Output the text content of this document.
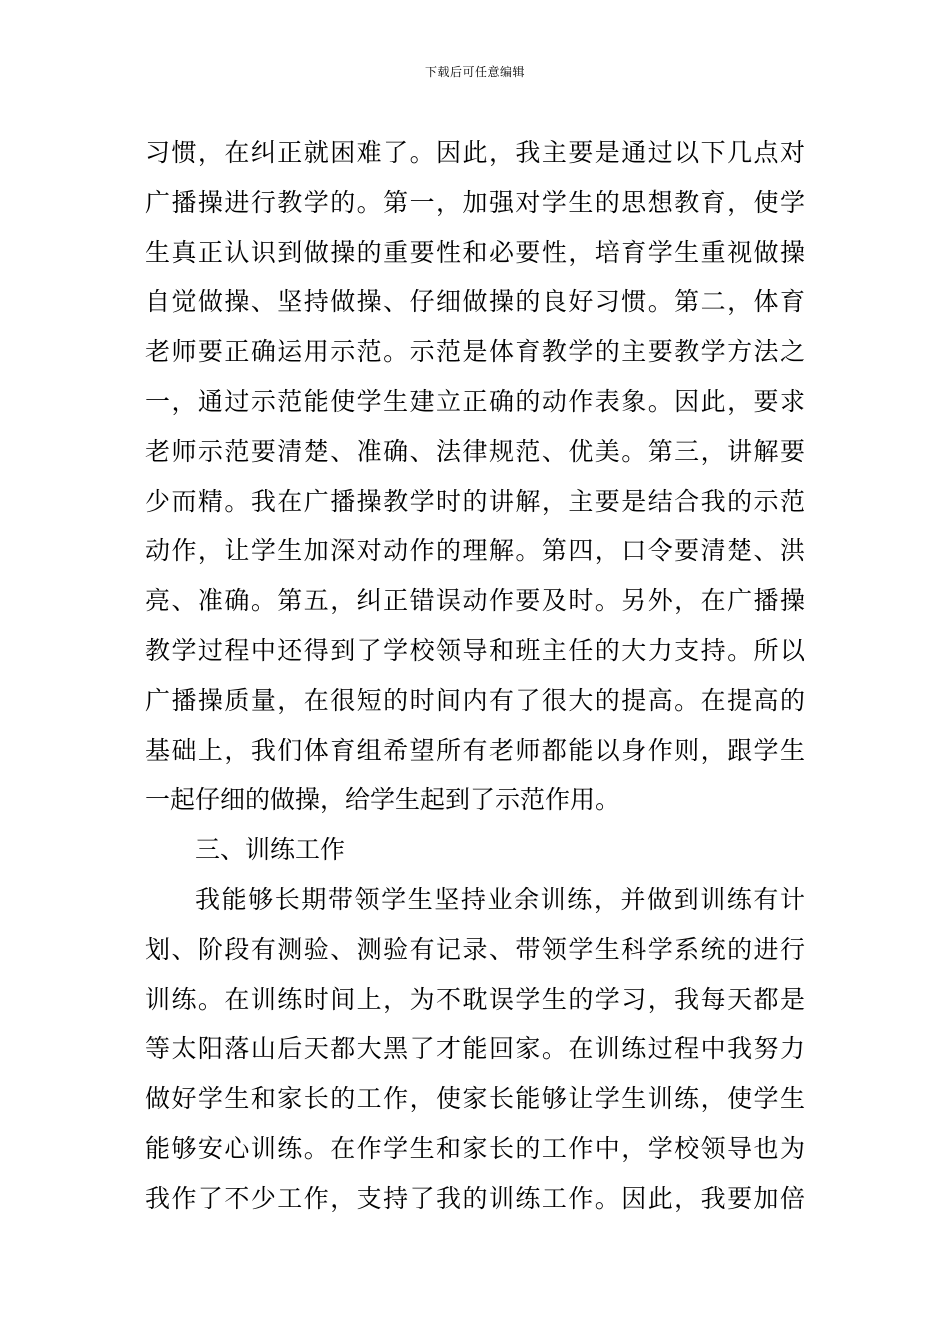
下载后可任意编辑
习惯，在纠正就困难了。因此，我主要是通过以下几点对
广播操进行教学的。第一，加强对学生的思想教育，使学
生真正认识到做操的重要性和必要性，培育学生重视做操
自觉做操、坚持做操、仔细做操的良好习惯。第二，体育
老师要正确运用示范。示范是体育教学的主要教学方法之
一，通过示范能使学生建立正确的动作表象。因此，要求
老师示范要清楚、准确、法律规范、优美。第三，讲解要
少而精。我在广播操教学时的讲解，主要是结合我的示范
动作，让学生加深对动作的理解。第四，口令要清楚、洪
亮、准确。第五，纠正错误动作要及时。另外，在广播操
教学过程中还得到了学校领导和班主任的大力支持。所以
广播操质量，在很短的时间内有了很大的提高。在提高的
基础上，我们体育组希望所有老师都能以身作则，跟学生
一起仔细的做操，给学生起到了示范作用。
三、训练工作
我能够长期带领学生坚持业余训练，并做到训练有计
划、阶段有测验、测验有记录、带领学生科学系统的进行
训练。在训练时间上，为不耽误学生的学习，我每天都是
等太阳落山后天都大黑了才能回家。在训练过程中我努力
做好学生和家长的工作，使家长能够让学生训练，使学生
能够安心训练。在作学生和家长的工作中，学校领导也为
我作了不少工作，支持了我的训练工作。因此，我要加倍
